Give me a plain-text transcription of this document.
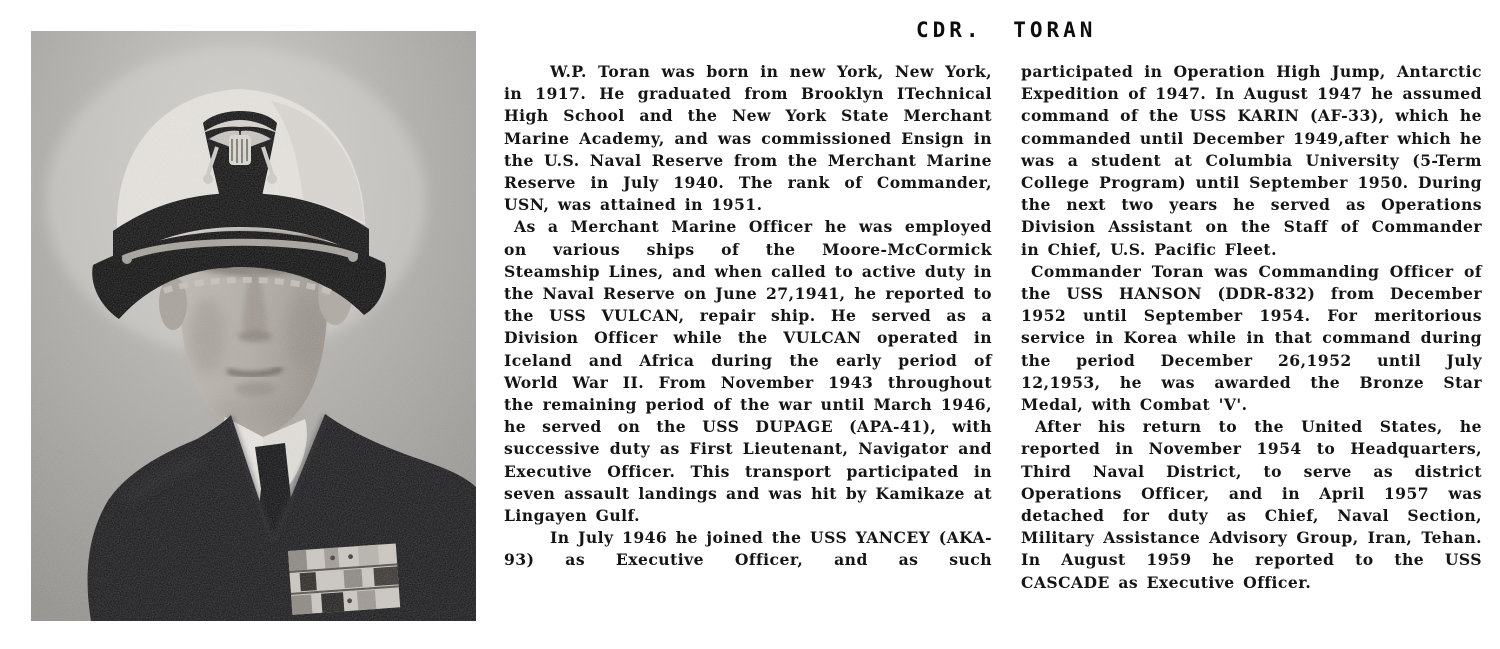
CDR. TORAN

W.P. Toran was born in new York, New York, in 1917. He graduated from Brooklyn ITechnical High School and the New York State Merchant Marine Academy, and was commissioned Ensign in the U.S. Naval Reserve from the Merchant Marine Reserve in July 1940. The rank of Commander, USN, was attained in 1951.

As a Merchant Marine Officer he was employed on various ships of the Moore-McCormick Steamship Lines, and when called to active duty in the Naval Reserve on June 27,1941, he reported to the USS VULCAN, repair ship. He served as a Division Officer while the VULCAN operated in Iceland and Africa during the early period of World War II. From November 1943 throughout the remaining period of the war until March 1946, he served on the USS DUPAGE (APA-41), with successive duty as First Lieutenant, Navigator and Executive Officer. This transport participated in seven assault landings and was hit by Kamikaze at Lingayen Gulf.

In July 1946 he joined the USS YANCEY (AKA-93) as Executive Officer, and as such

participated in Operation High Jump, Antarctic Expedition of 1947. In August 1947 he assumed command of the USS KARIN (AF-33), which he commanded until December 1949,after which he was a student at Columbia University (5-Term College Program) until September 1950. During the next two years he served as Operations Division Assistant on the Staff of Commander in Chief, U.S. Pacific Fleet.

Commander Toran was Commanding Officer of the USS HANSON (DDR-832) from December 1952 until September 1954. For meritorious service in Korea while in that command during the period December 26,1952 until July 12,1953, he was awarded the Bronze Star Medal, with Combat 'V'.

After his return to the United States, he reported in November 1954 to Headquarters, Third Naval District, to serve as district Operations Officer, and in April 1957 was detached for duty as Chief, Naval Section, Military Assistance Advisory Group, Iran, Tehan. In August 1959 he reported to the USS CASCADE as Executive Officer.
